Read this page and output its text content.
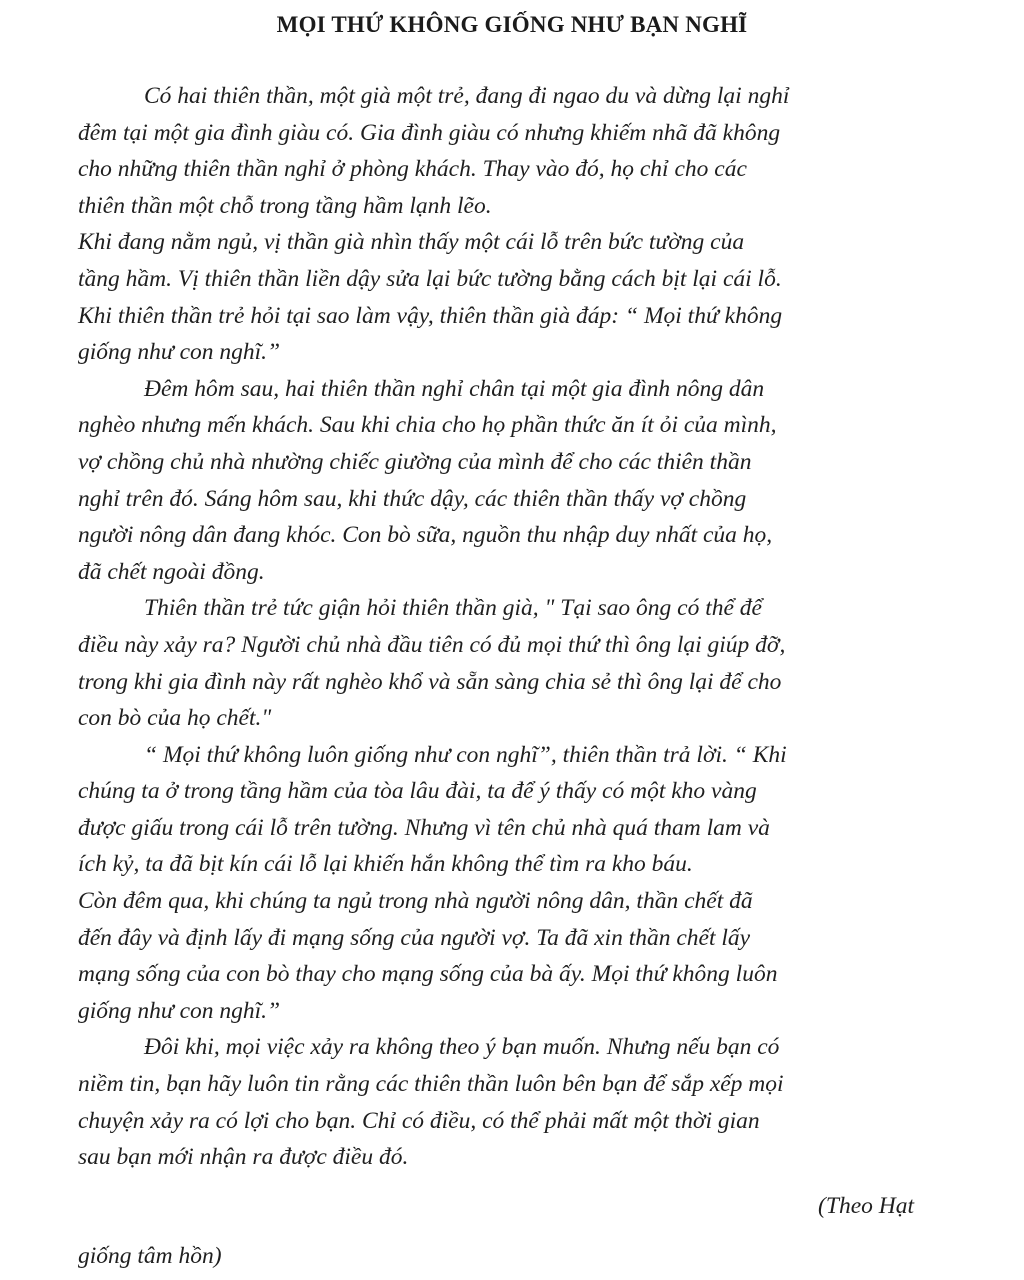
MỌI THỨ KHÔNG GIỐNG NHƯ BẠN NGHĨ
Có hai thiên thần, một già một trẻ, đang đi ngao du và dừng lại nghỉ
đêm tại một gia đình giàu có. Gia đình giàu có nhưng khiếm nhã đã không
cho những thiên thần nghỉ ở phòng khách. Thay vào đó, họ chỉ cho các
thiên thần một chỗ trong tầng hầm lạnh lẽo.
Khi đang nằm ngủ, vị thần già nhìn thấy một cái lỗ trên bức tường của
tầng hầm. Vị thiên thần liền dậy sửa lại bức tường bằng cách bịt lại cái lỗ.
Khi thiên thần trẻ hỏi tại sao làm vậy, thiên thần già đáp: “ Mọi thứ không
giống như con nghĩ.”
Đêm hôm sau, hai thiên thần nghỉ chân tại một gia đình nông dân
nghèo nhưng mến khách. Sau khi chia cho họ phần thức ăn ít ỏi của mình,
vợ chồng chủ nhà nhường chiếc giường của mình để cho các thiên thần
nghỉ trên đó. Sáng hôm sau, khi thức dậy, các thiên thần thấy vợ chồng
người nông dân đang khóc. Con bò sữa, nguồn thu nhập duy nhất của họ,
đã chết ngoài đồng.
Thiên thần trẻ tức giận hỏi thiên thần già, " Tại sao ông có thể để
điều này xảy ra? Người chủ nhà đầu tiên có đủ mọi thứ thì ông lại giúp đỡ,
trong khi gia đình này rất nghèo khổ và sẵn sàng chia sẻ thì ông lại để cho
con bò của họ chết."
“ Mọi thứ không luôn giống như con nghĩ”, thiên thần trả lời. “ Khi
chúng ta ở trong tầng hầm của tòa lâu đài, ta để ý thấy có một kho vàng
được giấu trong cái lỗ trên tường. Nhưng vì tên chủ nhà quá tham lam và
ích kỷ, ta đã bịt kín cái lỗ lại khiến hắn không thể tìm ra kho báu.
Còn đêm qua, khi chúng ta ngủ trong nhà người nông dân, thần chết đã
đến đây và định lấy đi mạng sống của người vợ. Ta đã xin thần chết lấy
mạng sống của con bò thay cho mạng sống của bà ấy. Mọi thứ không luôn
giống như con nghĩ.”
Đôi khi, mọi việc xảy ra không theo ý bạn muốn. Nhưng nếu bạn có
niềm tin, bạn hãy luôn tin rằng các thiên thần luôn bên bạn để sắp xếp mọi
chuyện xảy ra có lợi cho bạn. Chỉ có điều, có thể phải mất một thời gian
sau bạn mới nhận ra được điều đó.
(Theo Hạt
giống tâm hồn)
